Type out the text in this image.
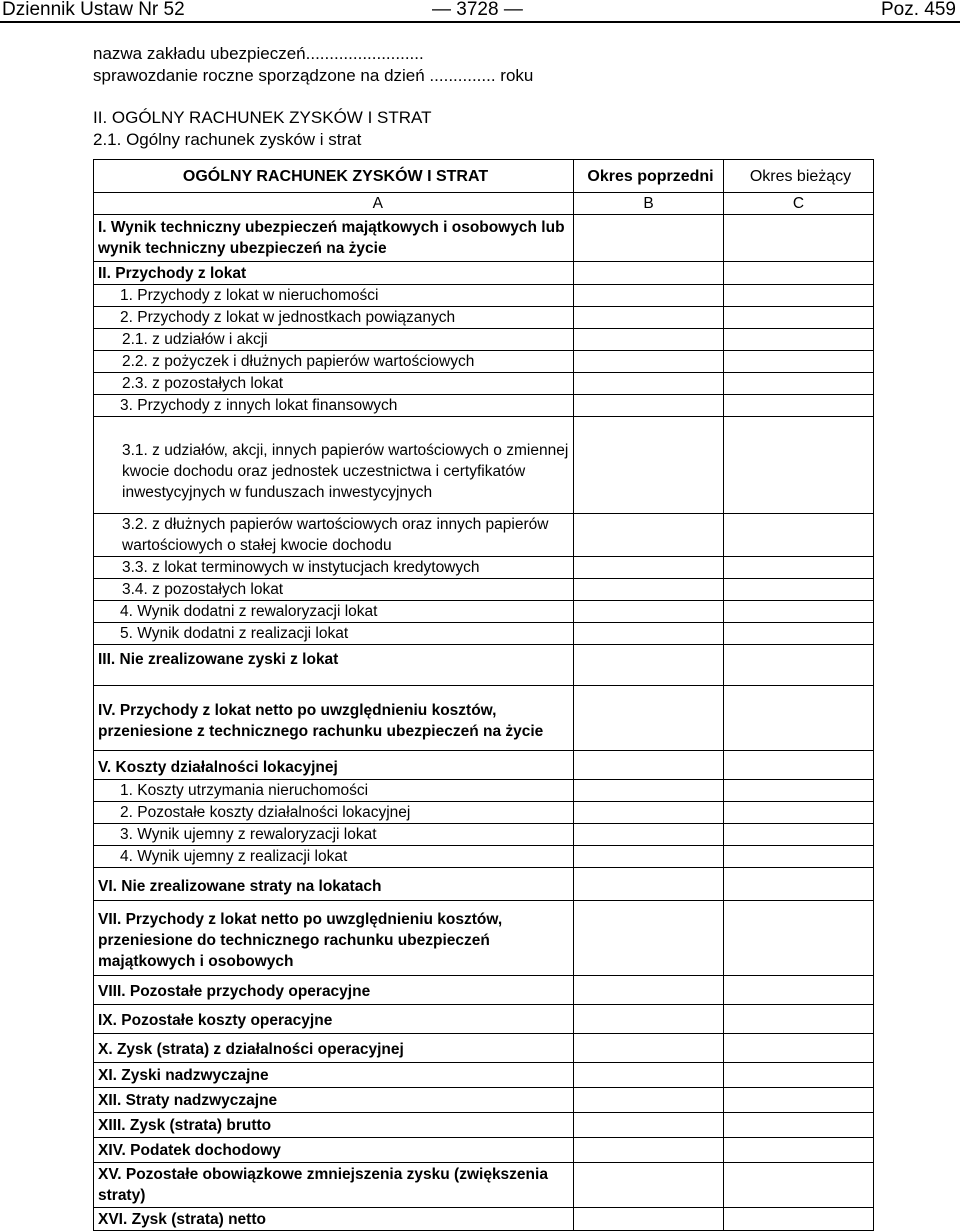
Dziennik Ustaw Nr 52	— 3728 —	Poz. 459
nazwa zakładu ubezpieczeń.........................
sprawozdanie roczne sporządzone na dzień .............. roku
II. OGÓLNY RACHUNEK ZYSKÓW I STRAT
2.1. Ogólny rachunek zysków i strat
OGÓLNY RACHUNEK ZYSKÓW I STRAT	Okres poprzedni	Okres bieżący
A	B	C
I. Wynik techniczny ubezpieczeń majątkowych i osobowych lub wynik techniczny ubezpieczeń na życie		
II. Przychody z lokat		
1. Przychody z lokat w nieruchomości		
2. Przychody z lokat w jednostkach powiązanych		
2.1. z udziałów i akcji		
2.2. z pożyczek i dłużnych papierów wartościowych		
2.3. z pozostałych lokat		
3. Przychody z innych lokat finansowych		
3.1. z udziałów, akcji, innych papierów wartościowych o zmiennej kwocie dochodu oraz jednostek uczestnictwa i certyfikatów inwestycyjnych w funduszach inwestycyjnych		
3.2. z dłużnych papierów wartościowych oraz innych papierów wartościowych o stałej kwocie dochodu		
3.3. z lokat terminowych w instytucjach kredytowych		
3.4. z pozostałych lokat		
4. Wynik dodatni z rewaloryzacji lokat		
5. Wynik dodatni z realizacji lokat		
III. Nie zrealizowane zyski z lokat		
IV. Przychody z lokat netto po uwzględnieniu kosztów, przeniesione z technicznego rachunku ubezpieczeń na życie		
V. Koszty działalności lokacyjnej		
1. Koszty utrzymania nieruchomości		
2. Pozostałe koszty działalności lokacyjnej		
3. Wynik ujemny z rewaloryzacji lokat		
4. Wynik ujemny z realizacji lokat		
VI. Nie zrealizowane straty na lokatach		
VII. Przychody z lokat netto po uwzględnieniu kosztów, przeniesione do technicznego rachunku ubezpieczeń majątkowych i osobowych		
VIII. Pozostałe przychody operacyjne		
IX. Pozostałe koszty operacyjne		
X. Zysk (strata) z działalności operacyjnej		
XI. Zyski nadzwyczajne		
XII. Straty nadzwyczajne		
XIII. Zysk (strata) brutto		
XIV. Podatek dochodowy		
XV. Pozostałe obowiązkowe zmniejszenia zysku (zwiększenia straty)		
XVI. Zysk (strata) netto		
